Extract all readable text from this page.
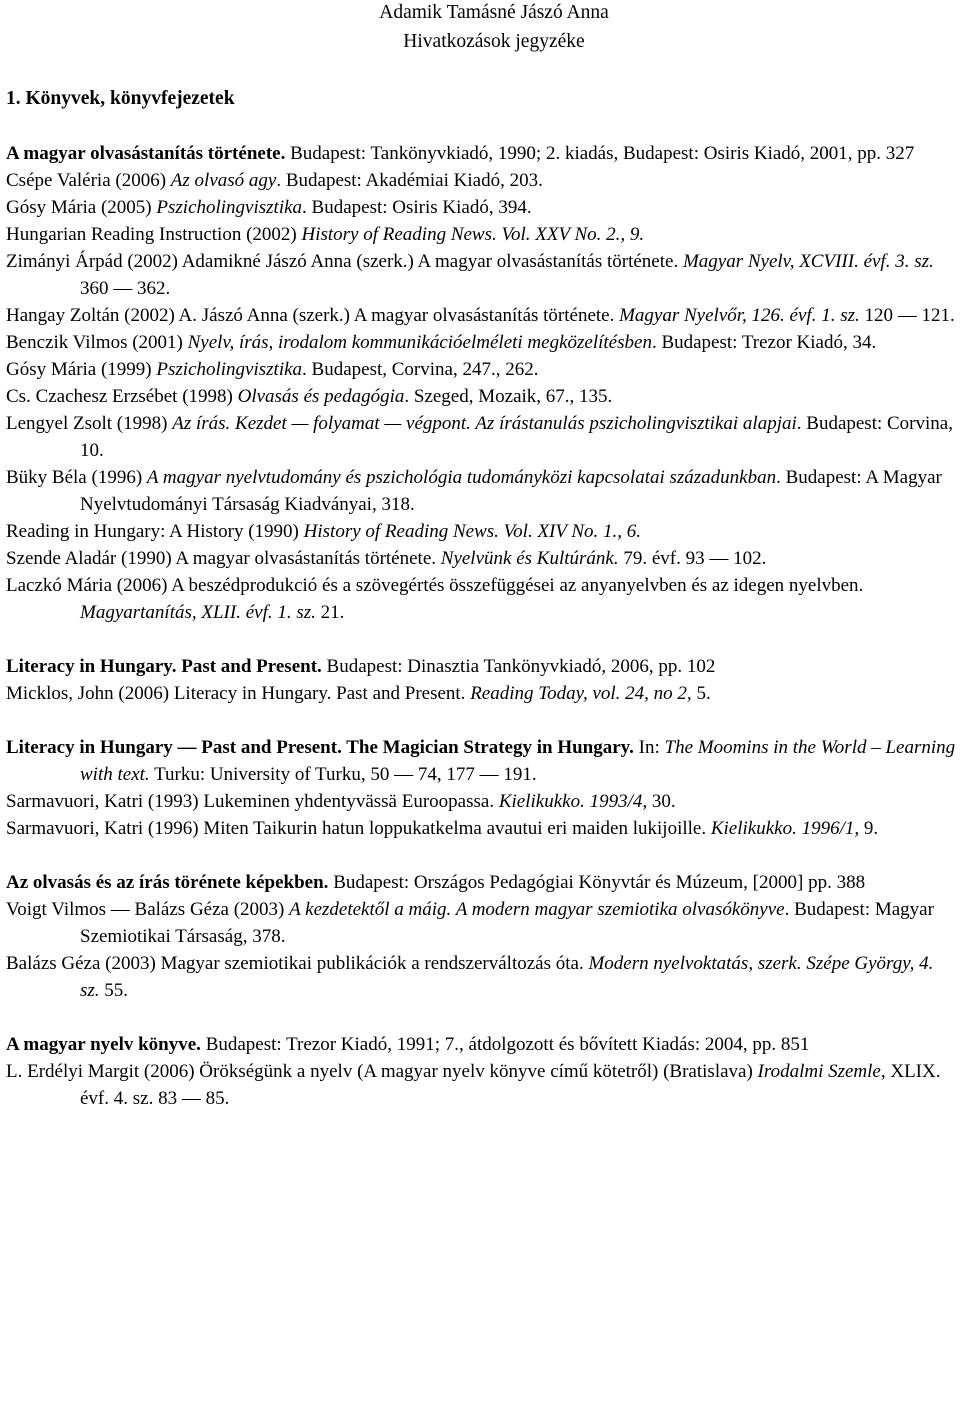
Adamik Tamásné Jászó Anna
Hivatkozások jegyzéke
1. Könyvek, könyvfejezetek

A magyar olvasástanítás története. Budapest: Tankönyvkiadó, 1990; 2. kiadás, Budapest: Osiris Kiadó, 2001, pp. 327

Csépe Valéria (2006) Az olvasó agy. Budapest: Akadémiai Kiadó, 203.

Gósy Mária (2005) Pszicholingvisztika. Budapest: Osiris Kiadó, 394.

Hungarian Reading Instruction (2002) History of Reading News. Vol. XXV No. 2., 9.

Zimányi Árpád (2002) Adamikné Jászó Anna (szerk.) A magyar olvasástanítás története. Magyar Nyelv, XCVIII. évf. 3. sz. 360 — 362.

Hangay Zoltán (2002) A. Jászó Anna (szerk.) A magyar olvasástanítás története. Magyar Nyelvőr, 126. évf. 1. sz. 120 — 121.

Benczik Vilmos (2001) Nyelv, írás, irodalom kommunikációelméleti megközelítésben. Budapest: Trezor Kiadó, 34.

Gósy Mária (1999) Pszicholingvisztika. Budapest, Corvina, 247., 262.

Cs. Czachesz Erzsébet (1998) Olvasás és pedagógia. Szeged, Mozaik, 67., 135.

Lengyel Zsolt (1998) Az írás. Kezdet — folyamat — végpont. Az írástanulás pszicholingvisztikai alapjai. Budapest: Corvina, 10.

Büky Béla (1996) A magyar nyelvtudomány és pszichológia tudományközi kapcsolatai századunkban. Budapest: A Magyar Nyelvtudományi Társaság Kiadványai, 318.

Reading in Hungary: A History (1990) History of Reading News. Vol. XIV No. 1., 6.

Szende Aladár (1990) A magyar olvasástanítás története. Nyelvünk és Kultúránk. 79. évf. 93 — 102.

Laczkó Mária (2006) A beszédprodukció és a szövegértés összefüggései az anyanyelvben és az idegen nyelvben. Magyartanítás, XLII. évf. 1. sz. 21.

Literacy in Hungary. Past and Present. Budapest: Dinasztia Tankönyvkiadó, 2006, pp. 102

Micklos, John (2006) Literacy in Hungary. Past and Present. Reading Today, vol. 24, no 2, 5.

Literacy in Hungary — Past and Present. The Magician Strategy in Hungary. In: The Moomins in the World – Learning with text. Turku: University of Turku, 50 — 74, 177 — 191.

Sarmavuori, Katri (1993) Lukeminen yhdentyvässä Euroopassa. Kielikukko. 1993/4, 30.

Sarmavuori, Katri (1996) Miten Taikurin hatun loppukatkelma avautui eri maiden lukijoille. Kielikukko. 1996/1, 9.

Az olvasás és az írás törénete képekben. Budapest: Országos Pedagógiai Könyvtár és Múzeum, [2000] pp. 388

Voigt Vilmos — Balázs Géza (2003) A kezdetektől a máig. A modern magyar szemiotika olvasókönyve. Budapest: Magyar Szemiotikai Társaság, 378.

Balázs Géza (2003) Magyar szemiotikai publikációk a rendszerváltozás óta. Modern nyelvoktatás, szerk. Szépe György, 4. sz. 55.

A magyar nyelv könyve. Budapest: Trezor Kiadó, 1991; 7., átdolgozott és bővített Kiadás: 2004, pp. 851

L. Erdélyi Margit (2006) Örökségünk a nyelv (A magyar nyelv könyve című kötetről) (Bratislava) Irodalmi Szemle, XLIX. évf. 4. sz. 83 — 85.
